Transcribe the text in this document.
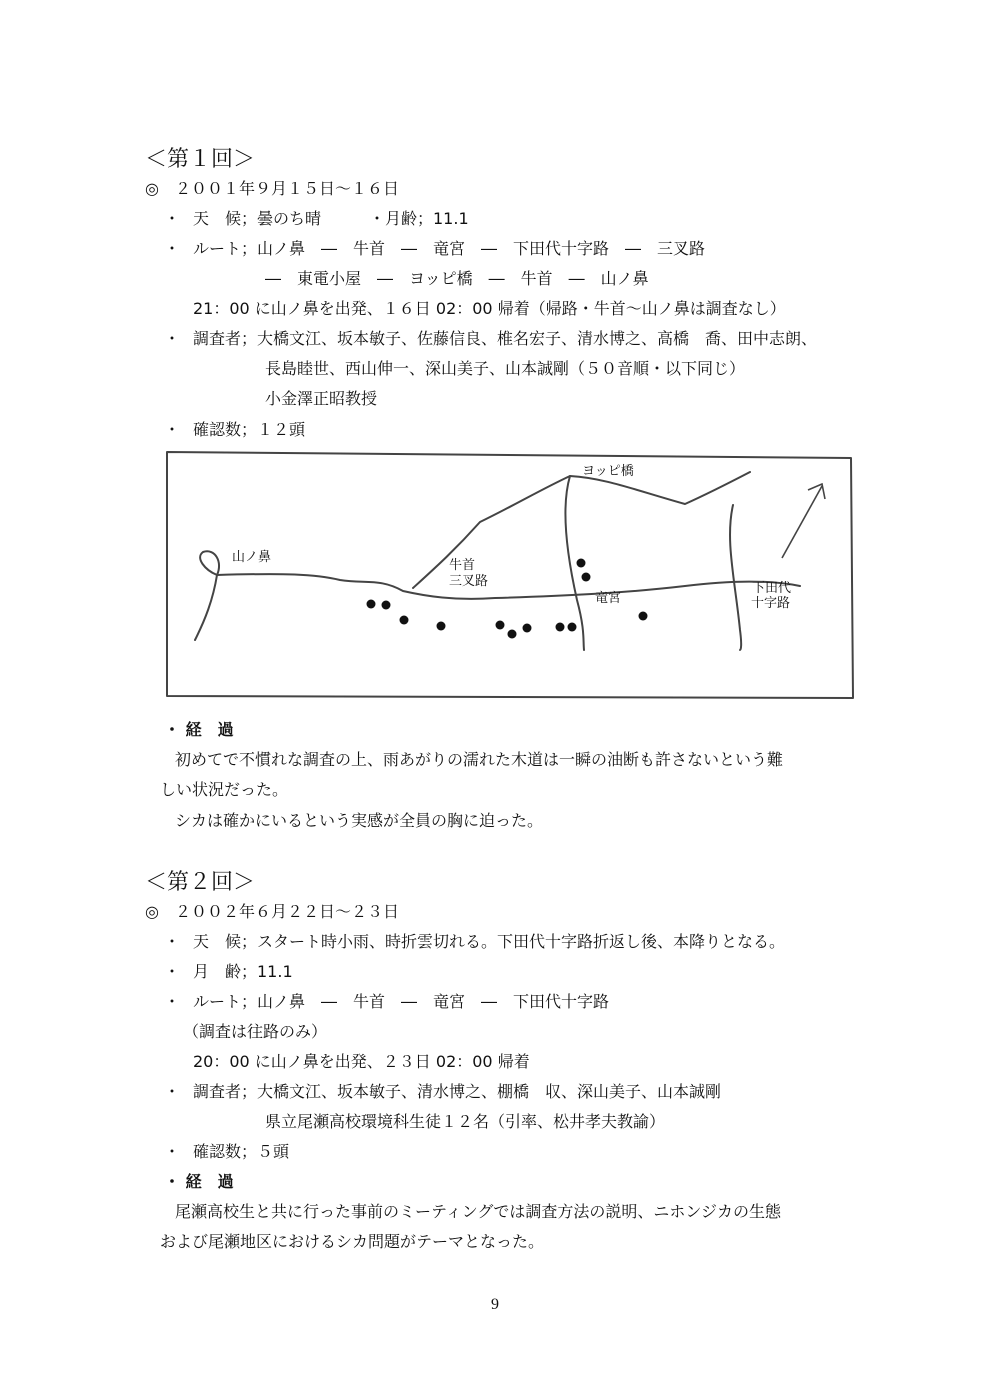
＜第１回＞
◎　２００１年９月１５日～１６日
・ 天　候；曇のち晴　　　・月齢；11.1
・ ルート；山ノ鼻　―　牛首　―　竜宮　―　下田代十字路　―　三叉路
―　東電小屋　―　ヨッピ橋　―　牛首　―　山ノ鼻
21：00 に山ノ鼻を出発、１６日 02：00 帰着（帰路・牛首～山ノ鼻は調査なし）
・ 調査者；大橋文江、坂本敏子、佐藤信良、椎名宏子、清水博之、高橋　喬、田中志朗、
長島睦世、西山伸一、深山美子、山本誠剛（５０音順・以下同じ）
小金澤正昭教授
・ 確認数；１２頭
ヨッピ橋
山ノ鼻
牛首
三叉路
竜宮
下田代
十字路
・ 経　過
初めてで不慣れな調査の上、雨あがりの濡れた木道は一瞬の油断も許さないという難
しい状況だった。
シカは確かにいるという実感が全員の胸に迫った。
＜第２回＞
◎　２００２年６月２２日～２３日
・ 天　候；スタート時小雨、時折雲切れる。下田代十字路折返し後、本降りとなる。
・ 月　齢；11.1
・ ルート；山ノ鼻　―　牛首　―　竜宮　―　下田代十字路
（調査は往路のみ）
20：00 に山ノ鼻を出発、２３日 02：00 帰着
・ 調査者；大橋文江、坂本敏子、清水博之、棚橋　収、深山美子、山本誠剛
県立尾瀬高校環境科生徒１２名（引率、松井孝夫教諭）
・ 確認数；５頭
・ 経　過
尾瀬高校生と共に行った事前のミーティングでは調査方法の説明、ニホンジカの生態
および尾瀬地区におけるシカ問題がテーマとなった。
9
